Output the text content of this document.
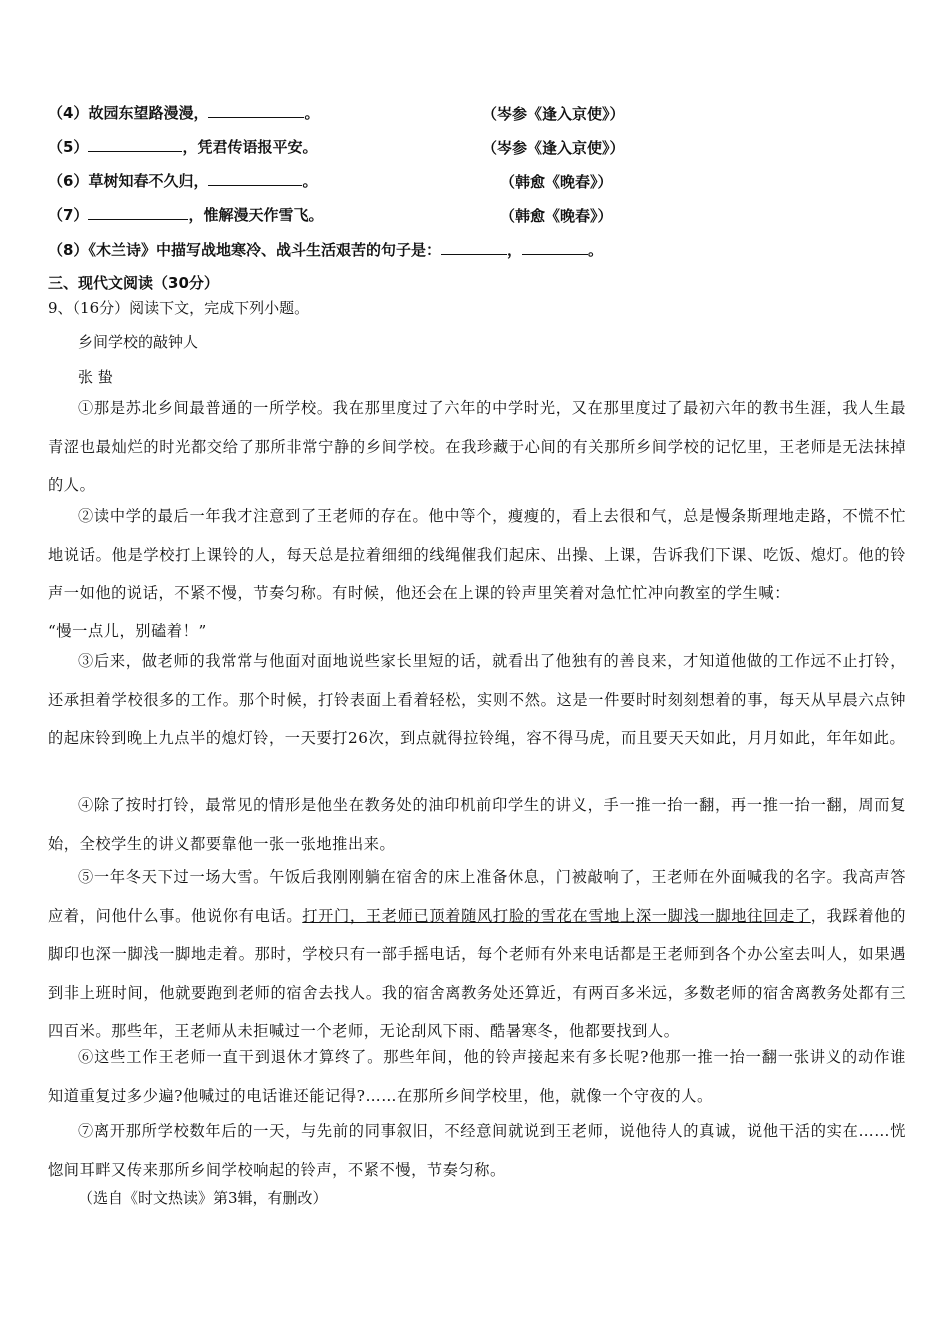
（4）故园东望路漫漫，	。	（岑参《逢入京使》）
（5）	，凭君传语报平安。	（岑参《逢入京使》）
（6）草树知春不久归，	。	（韩愈《晚春》）
（7）	，惟解漫天作雪飞。	（韩愈《晚春》）
（8）《木兰诗》中描写战地寒冷、战斗生活艰苦的句子是：	，	。
三、现代文阅读（30分）
9、（16分）阅读下文，完成下列小题。
乡间学校的敲钟人
张 蛰
①那是苏北乡间最普通的一所学校。我在那里度过了六年的中学时光，又在那里度过了最初六年的教书生涯，我人生最青涩也最灿烂的时光都交给了那所非常宁静的乡间学校。在我珍藏于心间的有关那所乡间学校的记忆里，王老师是无法抹掉的人。
②读中学的最后一年我才注意到了王老师的存在。他中等个，瘦瘦的，看上去很和气，总是慢条斯理地走路，不慌不忙地说话。他是学校打上课铃的人，每天总是拉着细细的线绳催我们起床、出操、上课，告诉我们下课、吃饭、熄灯。他的铃声一如他的说话，不紧不慢，节奏匀称。有时候，他还会在上课的铃声里笑着对急忙忙冲向教室的学生喊：
“慢一点儿，别磕着！”
③后来，做老师的我常常与他面对面地说些家长里短的话，就看出了他独有的善良来，才知道他做的工作远不止打铃，还承担着学校很多的工作。那个时候，打铃表面上看着轻松，实则不然。这是一件要时时刻刻想着的事，每天从早晨六点钟的起床铃到晚上九点半的熄灯铃，一天要打26次，到点就得拉铃绳，容不得马虎，而且要天天如此，月月如此，年年如此。
④除了按时打铃，最常见的情形是他坐在教务处的油印机前印学生的讲义，手一推一抬一翻，再一推一抬一翻，周而复始，全校学生的讲义都要靠他一张一张地推出来。
⑤一年冬天下过一场大雪。午饭后我刚刚躺在宿舍的床上准备休息，门被敲响了，王老师在外面喊我的名字。我高声答应着，问他什么事。他说你有电话。打开门，王老师已顶着随风打脸的雪花在雪地上深一脚浅一脚地往回走了，我踩着他的脚印也深一脚浅一脚地走着。那时，学校只有一部手摇电话，每个老师有外来电话都是王老师到各个办公室去叫人，如果遇到非上班时间，他就要跑到老师的宿舍去找人。我的宿舍离教务处还算近，有两百多米远，多数老师的宿舍离教务处都有三四百米。那些年，王老师从未拒喊过一个老师，无论刮风下雨、酷暑寒冬，他都要找到人。
⑥这些工作王老师一直干到退休才算终了。那些年间，他的铃声接起来有多长呢?他那一推一抬一翻一张讲义的动作谁知道重复过多少遍?他喊过的电话谁还能记得?……在那所乡间学校里，他，就像一个守夜的人。
⑦离开那所学校数年后的一天，与先前的同事叙旧，不经意间就说到王老师，说他待人的真诚，说他干活的实在……恍惚间耳畔又传来那所乡间学校响起的铃声，不紧不慢，节奏匀称。
（选自《时文热读》第3辑，有删改）
